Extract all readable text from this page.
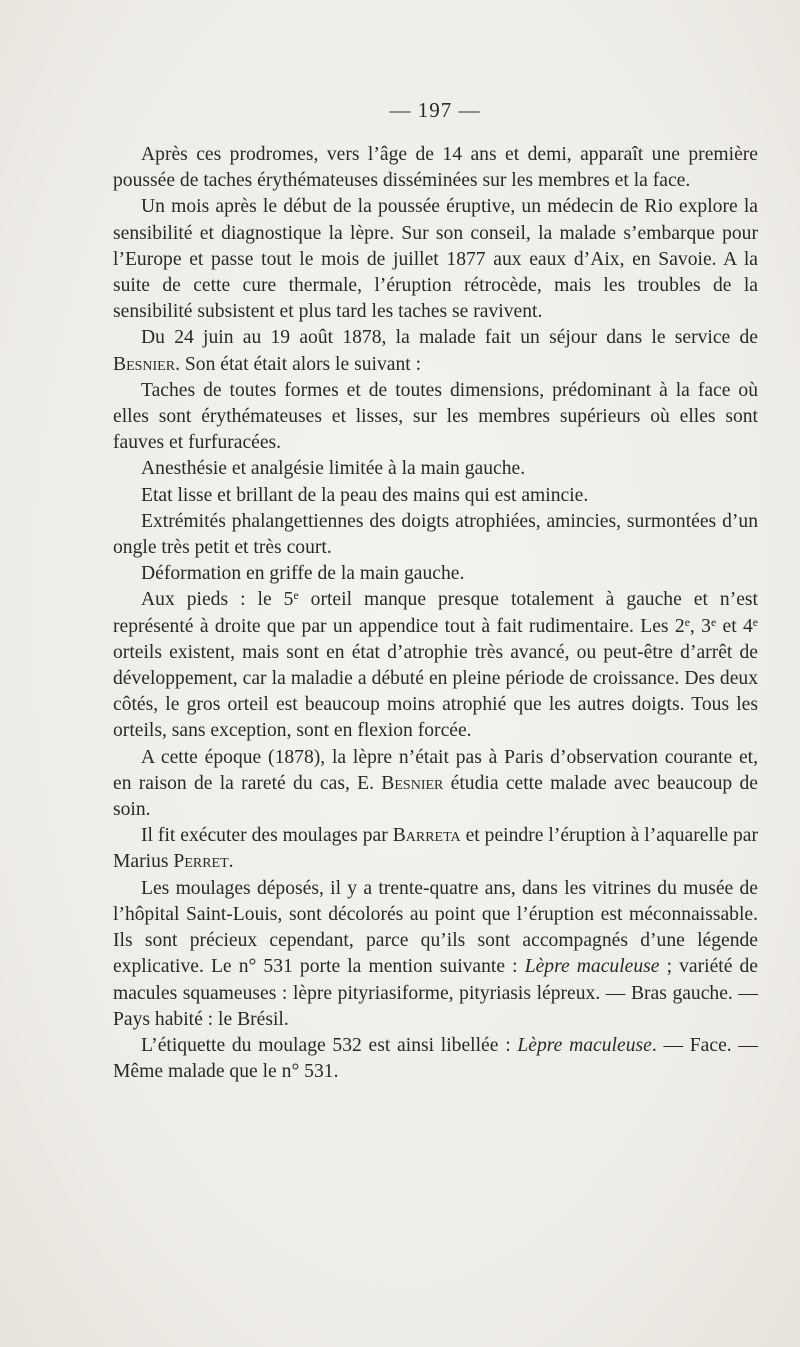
— 197 —

Après ces prodromes, vers l’âge de 14 ans et demi, apparaît une première poussée de taches érythémateuses disséminées sur les membres et la face.

Un mois après le début de la poussée éruptive, un médecin de Rio explore la sensibilité et diagnostique la lèpre. Sur son conseil, la malade s’embarque pour l’Europe et passe tout le mois de juillet 1877 aux eaux d’Aix, en Savoie. A la suite de cette cure thermale, l’éruption rétrocède, mais les troubles de la sensibilité subsistent et plus tard les taches se ravivent.

Du 24 juin au 19 août 1878, la malade fait un séjour dans le service de Besnier. Son état était alors le suivant :

Taches de toutes formes et de toutes dimensions, prédominant à la face où elles sont érythémateuses et lisses, sur les membres supérieurs où elles sont fauves et furfuracées.

Anesthésie et analgésie limitée à la main gauche.

Etat lisse et brillant de la peau des mains qui est amincie.

Extrémités phalangettiennes des doigts atrophiées, amincies, surmontées d’un ongle très petit et très court.

Déformation en griffe de la main gauche.

Aux pieds : le 5e orteil manque presque totalement à gauche et n’est représenté à droite que par un appendice tout à fait rudimentaire. Les 2e, 3e et 4e orteils existent, mais sont en état d’atrophie très avancé, ou peut-être d’arrêt de développement, car la maladie a débuté en pleine période de croissance. Des deux côtés, le gros orteil est beaucoup moins atrophié que les autres doigts. Tous les orteils, sans exception, sont en flexion forcée.

A cette époque (1878), la lèpre n’était pas à Paris d’observation courante et, en raison de la rareté du cas, E. Besnier étudia cette malade avec beaucoup de soin.

Il fit exécuter des moulages par Barreta et peindre l’éruption à l’aquarelle par Marius Perret.

Les moulages déposés, il y a trente-quatre ans, dans les vitrines du musée de l’hôpital Saint-Louis, sont décolorés au point que l’éruption est méconnaissable. Ils sont précieux cependant, parce qu’ils sont accompagnés d’une légende explicative. Le n° 531 porte la mention suivante : Lèpre maculeuse ; variété de macules squameuses : lèpre pityriasiforme, pityriasis lépreux. — Bras gauche. — Pays habité : le Brésil.

L’étiquette du moulage 532 est ainsi libellée : Lèpre maculeuse. — Face. — Même malade que le n° 531.
